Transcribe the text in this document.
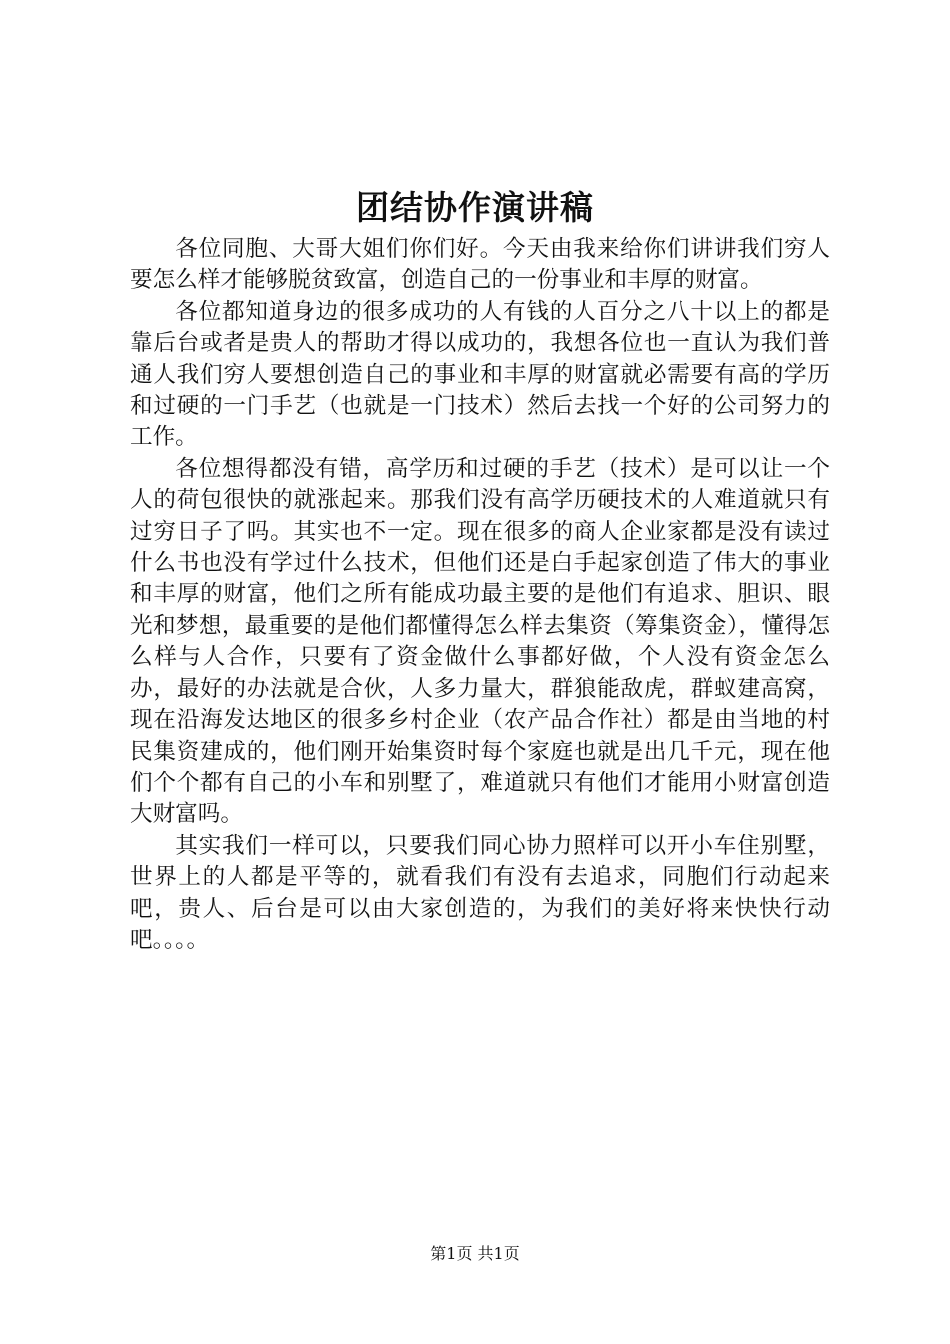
团结协作演讲稿

各位同胞、大哥大姐们你们好。今天由我来给你们讲讲我们穷人要怎么样才能够脱贫致富，创造自己的一份事业和丰厚的财富。

各位都知道身边的很多成功的人有钱的人百分之八十以上的都是靠后台或者是贵人的帮助才得以成功的，我想各位也一直认为我们普通人我们穷人要想创造自己的事业和丰厚的财富就必需要有高的学历和过硬的一门手艺（也就是一门技术）然后去找一个好的公司努力的工作。

各位想得都没有错，高学历和过硬的手艺（技术）是可以让一个人的荷包很快的就涨起来。那我们没有高学历硬技术的人难道就只有过穷日子了吗。其实也不一定。现在很多的商人企业家都是没有读过什么书也没有学过什么技术，但他们还是白手起家创造了伟大的事业和丰厚的财富，他们之所有能成功最主要的是他们有追求、胆识、眼光和梦想，最重要的是他们都懂得怎么样去集资（筹集资金），懂得怎么样与人合作，只要有了资金做什么事都好做，个人没有资金怎么办，最好的办法就是合伙，人多力量大，群狼能敌虎，群蚁建高窝，现在沿海发达地区的很多乡村企业（农产品合作社）都是由当地的村民集资建成的，他们刚开始集资时每个家庭也就是出几千元，现在他们个个都有自己的小车和别墅了，难道就只有他们才能用小财富创造大财富吗。

其实我们一样可以，只要我们同心协力照样可以开小车住别墅，世界上的人都是平等的，就看我们有没有去追求，同胞们行动起来吧，贵人、后台是可以由大家创造的，为我们的美好将来快快行动吧。。。。

第1页 共1页
